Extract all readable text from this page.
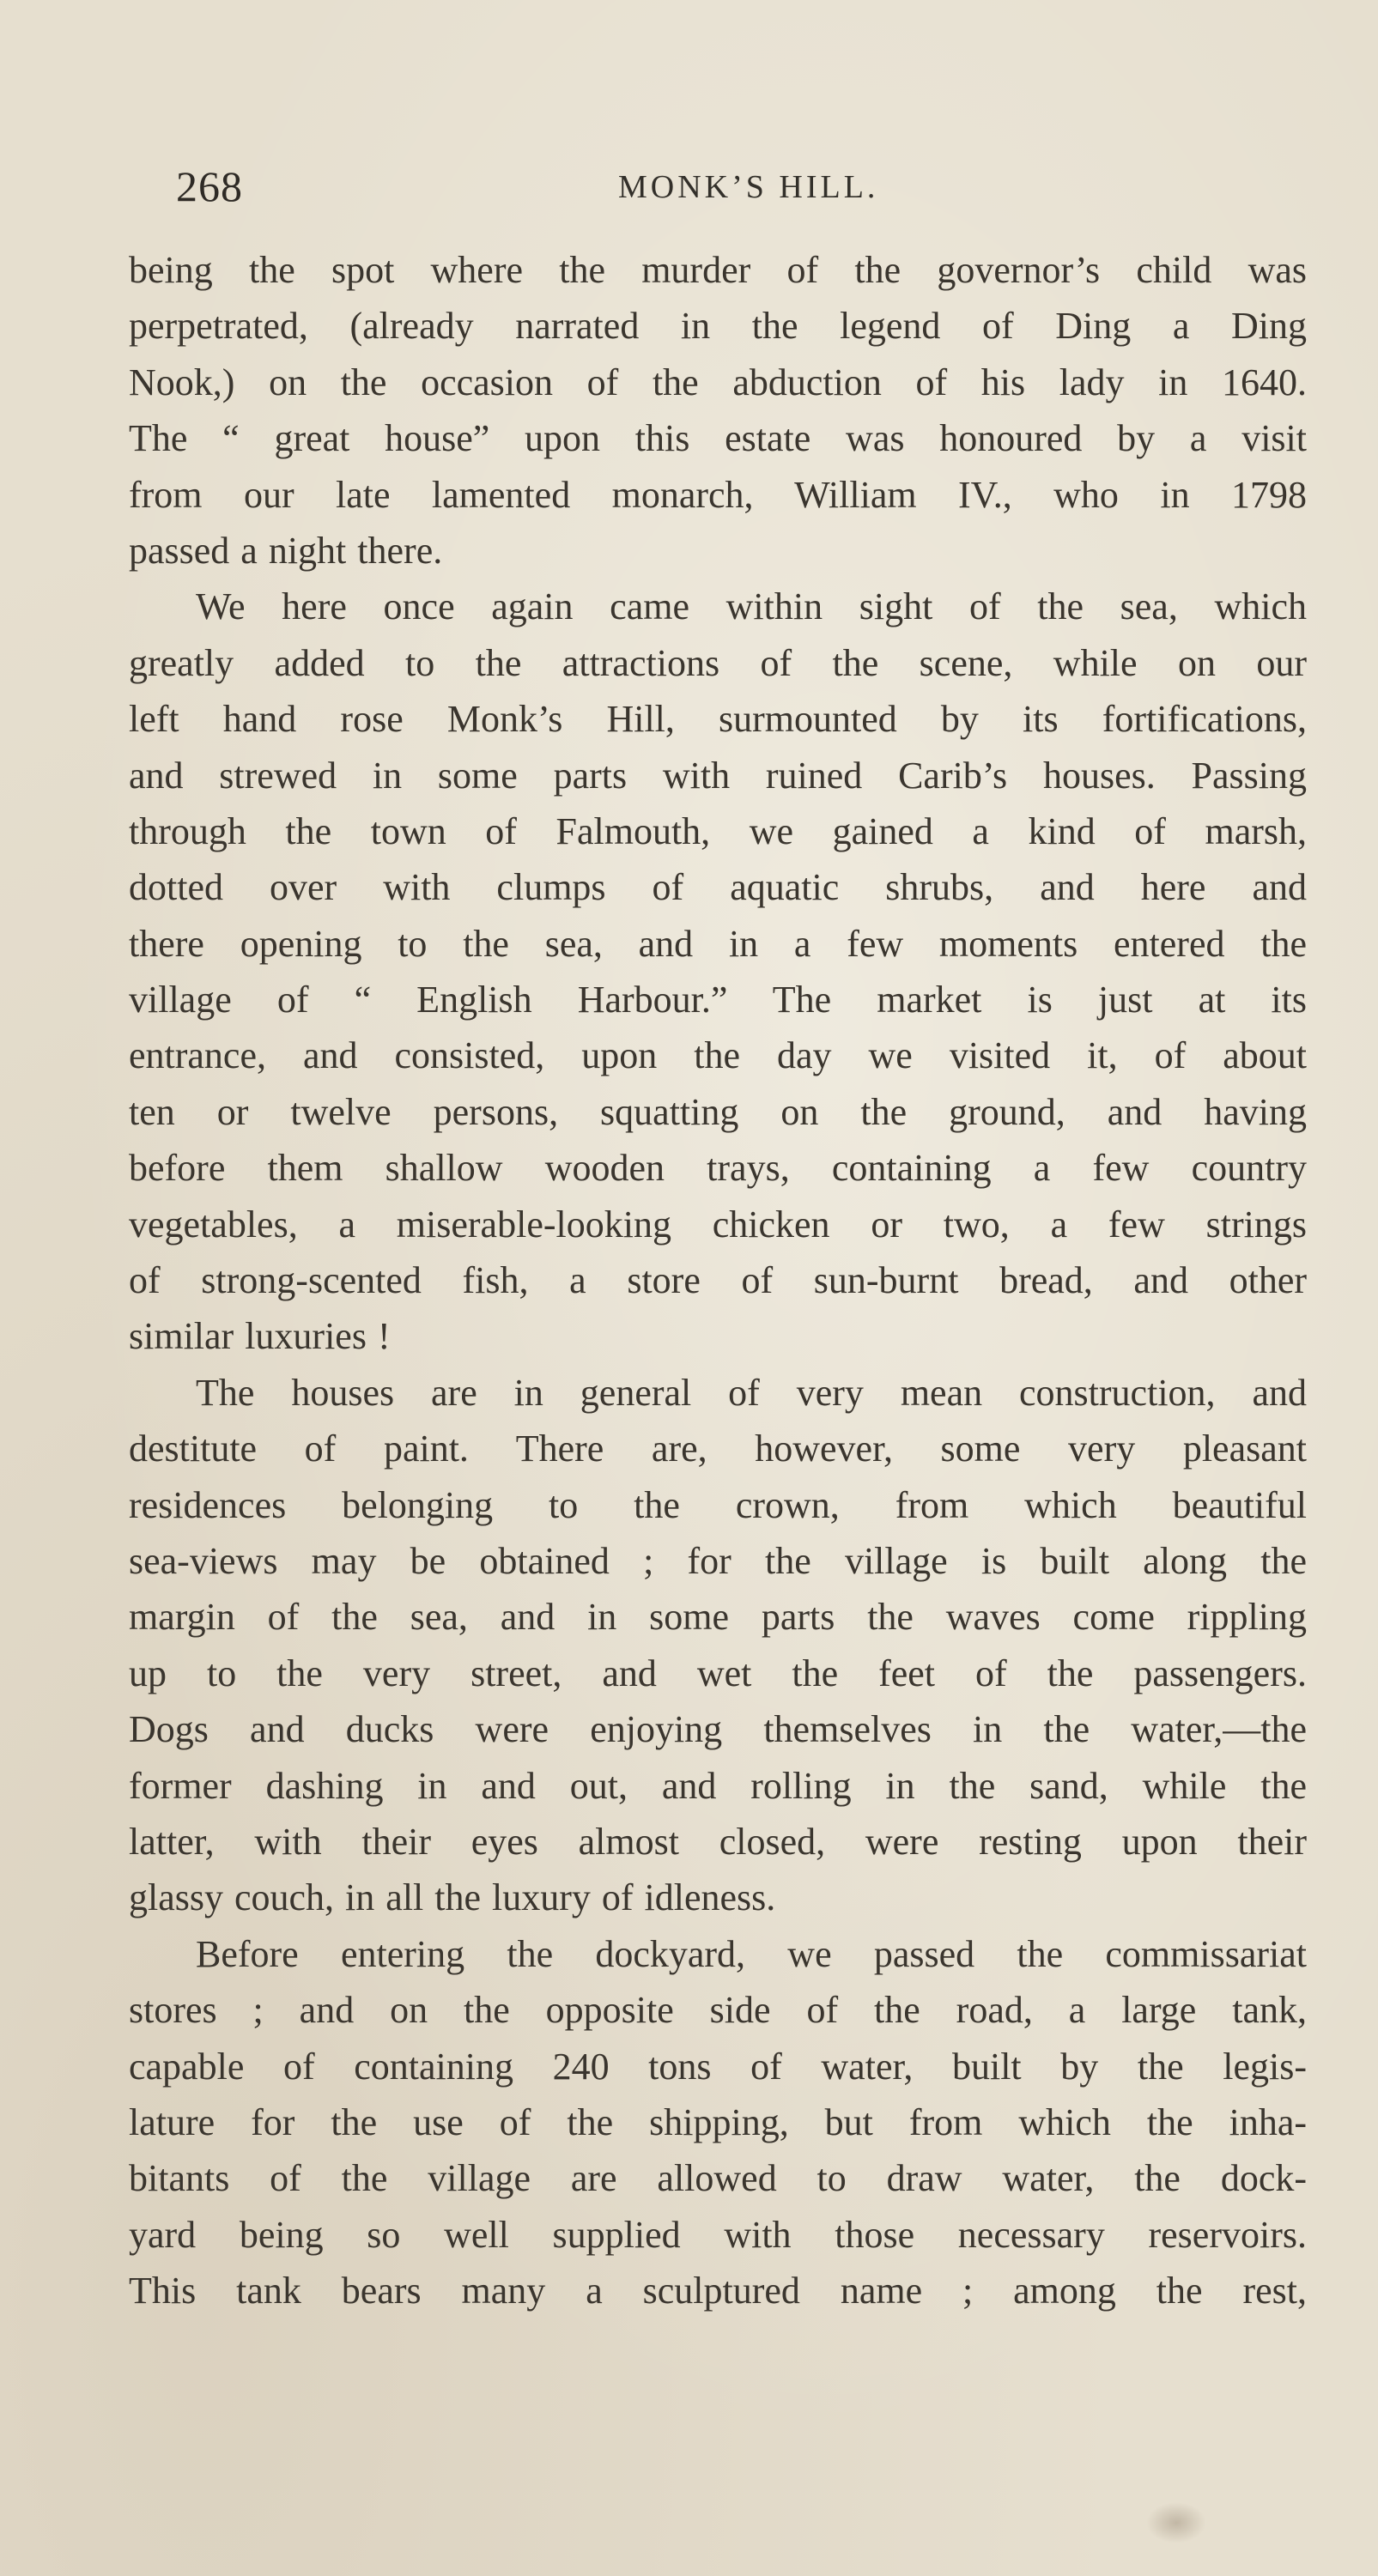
268	MONK’S HILL.
being the spot where the murder of the governor’s child was
perpetrated, (already narrated in the legend of Ding a Ding
Nook,) on the occasion of the abduction of his lady in 1640.
The “ great house” upon this estate was honoured by a visit
from our late lamented monarch, William IV., who in 1798
passed a night there.
We here once again came within sight of the sea, which
greatly added to the attractions of the scene, while on our
left hand rose Monk’s Hill, surmounted by its fortifications,
and strewed in some parts with ruined Carib’s houses. Passing
through the town of Falmouth, we gained a kind of marsh,
dotted over with clumps of aquatic shrubs, and here and
there opening to the sea, and in a few moments entered the
village of “ English Harbour.” The market is just at its
entrance, and consisted, upon the day we visited it, of about
ten or twelve persons, squatting on the ground, and having
before them shallow wooden trays, containing a few country
vegetables, a miserable-looking chicken or two, a few strings
of strong-scented fish, a store of sun-burnt bread, and other
similar luxuries !
The houses are in general of very mean construction, and
destitute of paint. There are, however, some very pleasant
residences belonging to the crown, from which beautiful
sea-views may be obtained ; for the village is built along the
margin of the sea, and in some parts the waves come rippling
up to the very street, and wet the feet of the passengers.
Dogs and ducks were enjoying themselves in the water,—the
former dashing in and out, and rolling in the sand, while the
latter, with their eyes almost closed, were resting upon their
glassy couch, in all the luxury of idleness.
Before entering the dockyard, we passed the commissariat
stores ; and on the opposite side of the road, a large tank,
capable of containing 240 tons of water, built by the legis-
lature for the use of the shipping, but from which the inha-
bitants of the village are allowed to draw water, the dock-
yard being so well supplied with those necessary reservoirs.
This tank bears many a sculptured name ; among the rest,
